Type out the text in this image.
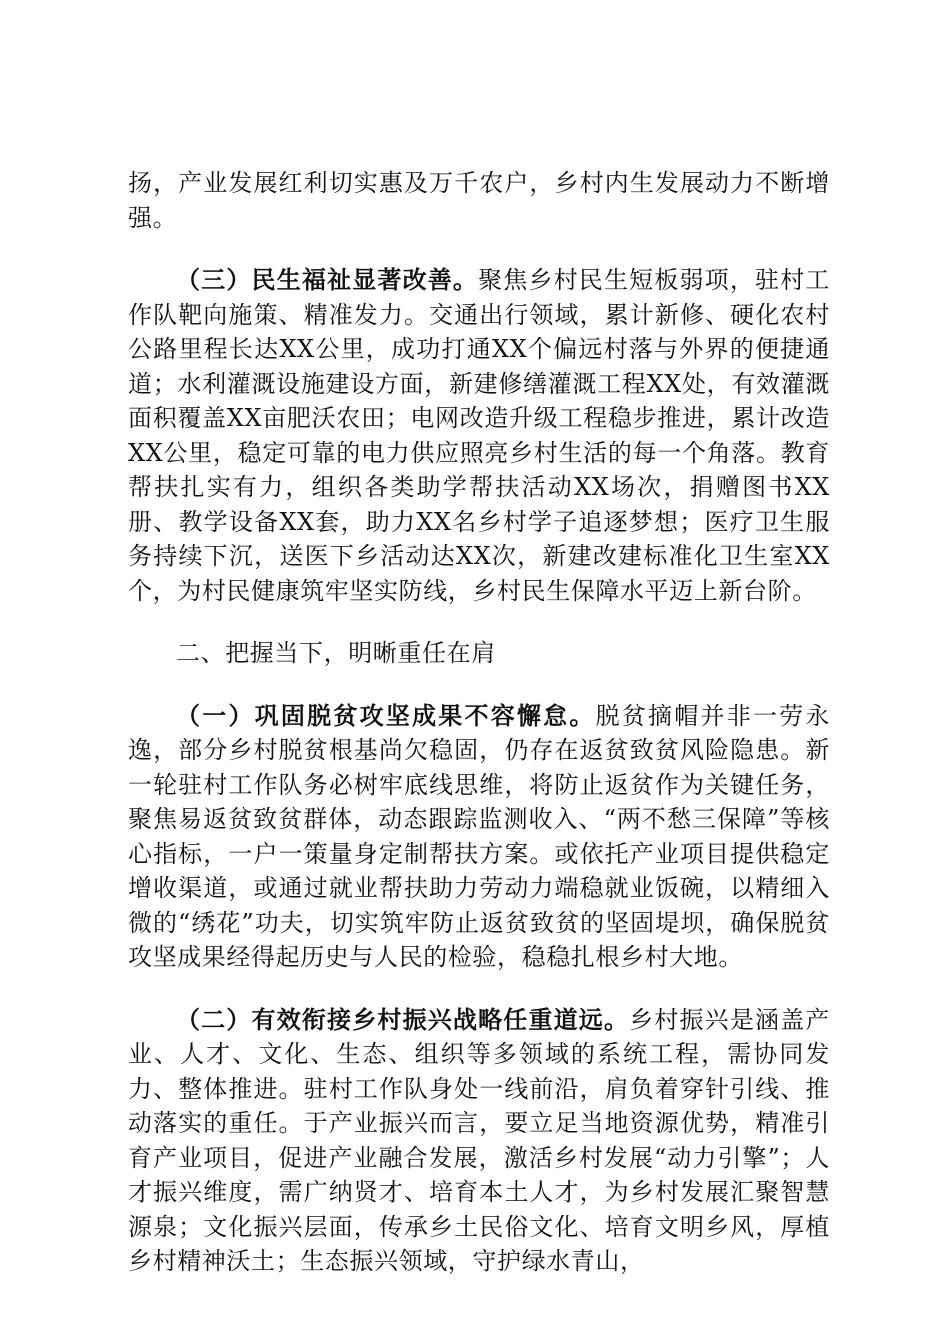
扬，产业发展红利切实惠及万千农户，乡村内生发展动力不断增强。

（三）民生福祉显著改善。聚焦乡村民生短板弱项，驻村工作队靶向施策、精准发力。交通出行领域，累计新修、硬化农村公路里程长达XX公里，成功打通XX个偏远村落与外界的便捷通道；水利灌溉设施建设方面，新建修缮灌溉工程XX处，有效灌溉面积覆盖XX亩肥沃农田；电网改造升级工程稳步推进，累计改造XX公里，稳定可靠的电力供应照亮乡村生活的每一个角落。教育帮扶扎实有力，组织各类助学帮扶活动XX场次，捐赠图书XX册、教学设备XX套，助力XX名乡村学子追逐梦想；医疗卫生服务持续下沉，送医下乡活动达XX次，新建改建标准化卫生室XX个，为村民健康筑牢坚实防线，乡村民生保障水平迈上新台阶。

二、把握当下，明晰重任在肩

（一）巩固脱贫攻坚成果不容懈怠。脱贫摘帽并非一劳永逸，部分乡村脱贫根基尚欠稳固，仍存在返贫致贫风险隐患。新一轮驻村工作队务必树牢底线思维，将防止返贫作为关键任务，聚焦易返贫致贫群体，动态跟踪监测收入、“两不愁三保障”等核心指标，一户一策量身定制帮扶方案。或依托产业项目提供稳定增收渠道，或通过就业帮扶助力劳动力端稳就业饭碗，以精细入微的“绣花”功夫，切实筑牢防止返贫致贫的坚固堤坝，确保脱贫攻坚成果经得起历史与人民的检验，稳稳扎根乡村大地。

（二）有效衔接乡村振兴战略任重道远。乡村振兴是涵盖产业、人才、文化、生态、组织等多领域的系统工程，需协同发力、整体推进。驻村工作队身处一线前沿，肩负着穿针引线、推动落实的重任。于产业振兴而言，要立足当地资源优势，精准引育产业项目，促进产业融合发展，激活乡村发展“动力引擎”；人才振兴维度，需广纳贤才、培育本土人才，为乡村发展汇聚智慧源泉；文化振兴层面，传承乡土民俗文化、培育文明乡风，厚植乡村精神沃土；生态振兴领域，守护绿水青山，
